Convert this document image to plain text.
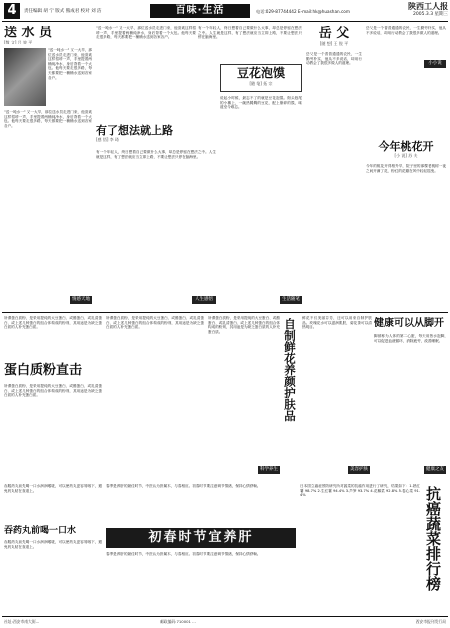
4	责任编辑 胡 宁 版式 熊成君 校对 刘 洁	百味·生活	电话:029-87744442 E-mail:hk@huashan.com
陕西工人报
2005.3.3 星期三
送 水 员
[散 文] 吕 效 平
"送一吨水一" 又一大早，那位送水员走进门来，他喜欢这样招呼一声，手里提着两桶纯净水，身后背着一个大包。他每天要走很多路，每天都要把一桶桶水送到各家各户。
"送一吨水一" 又一大早，那位送水员走进门来，他喜欢这样招呼一声，手里提着两桶纯净水，身后背着一个大包。他每天要走很多路，每天都要把一桶桶水送到各家各户。
情感天地
"送一吨水一" 又一大早，那位送水员走进门来，他喜欢这样招呼一声，手里提着两桶纯净水，身后背着一个大包。他每天要走很多路，每天都要把一桶桶水送到各家各户。
有了想法就上路
[感 悟] 李 琦
有一个年轻人，终日想着自己要做什么大事，却总是停留在想法之中。人生就是这样，有了想法就应当立即上路，不要让想法只停在脑海里。
人生感悟
有一个年轻人，终日想着自己要做什么大事，却总是停留在想法之中。人生就是这样，有了想法就应当立即上路，不要让想法只停在脑海里。
豆花泡馍
[随 笔] 拓 宗
说起小时候，最忘不了的就是豆花泡馍。街头巷尾的小摊上，一碗热腾腾的豆花，配上掰碎的馍，味道至今难忘。
生活随笔
岳 父
[随 想] 王 锐 平
岳父是一个普普通通的农民，一生勤劳朴实，他从不多说话，却用行动教会了我很多做人的道理。
岳父是一个普普通通的农民，一生勤劳朴实，他从不多说话，却用行动教会了我很多做人的道理。
小小说
今年桃花开
[小 说] 苏 夫
今年的桃花开得格外早，院子里的那棵老桃树一夜之间开满了花，粉红的花瓣在风中轻轻摇曳。
所谓蛋白质粉，是采用提纯的大豆蛋白、或酪蛋白、或乳清蛋白、或上述几种蛋白的组合体构成的粉剂，其用途是为缺乏蛋白质的人补充蛋白质。
蛋白质粉直击
所谓蛋白质粉，是采用提纯的大豆蛋白、或酪蛋白、或乳清蛋白、或上述几种蛋白的组合体构成的粉剂，其用途是为缺乏蛋白质的人补充蛋白质。
所谓蛋白质粉，是采用提纯的大豆蛋白、或酪蛋白、或乳清蛋白、或上述几种蛋白的组合体构成的粉剂，其用途是为缺乏蛋白质的人补充蛋白质。
所谓蛋白质粉，是采用提纯的大豆蛋白、或酪蛋白、或乳清蛋白、或上述几种蛋白的组合体构成的粉剂，其用途是为缺乏蛋白质的人补充蛋白质。
科学养生
自制鲜花养颜护肤品 鲜花不仅美丽芬芳，还可以用来自制护肤品。玫瑰花水可以滋润肌肤，菊花茶可以清热明目。
美容护肤
健康可以从脚开
脚被称为人体的第二心脏，每天用热水泡脚，可以促进血液循环，消除疲劳，改善睡眠。
健康之友
吞服药丸前先喝一口水润润喉咙，可以使药丸更容易咽下，避免药丸粘在食道上。
吞药丸前喝一口水
吞服药丸前先喝一口水润润喉咙，可以使药丸更容易咽下，避免药丸粘在食道上。
春季是养肝的最佳时节，中医认为肝属木，与春相应。初春时节要注意调节情绪，保持心情舒畅。
初春时节宜养肝
春季是养肝的最佳时节，中医认为肝属木，与春相应。初春时节要注意调节情绪，保持心情舒畅。
日本国立癌症预防研究所对蔬菜的抗癌作用进行了研究，结果如下：1.熟红薯 98.7% 2.生红薯 94.4% 3.芦笋 93.7% 4.花椰菜 92.8% 5.卷心菜 91.4%	抗癌蔬菜排行榜
社址:西安市南大街...	邮政编码:710001 ...	西安市报刊发行局
